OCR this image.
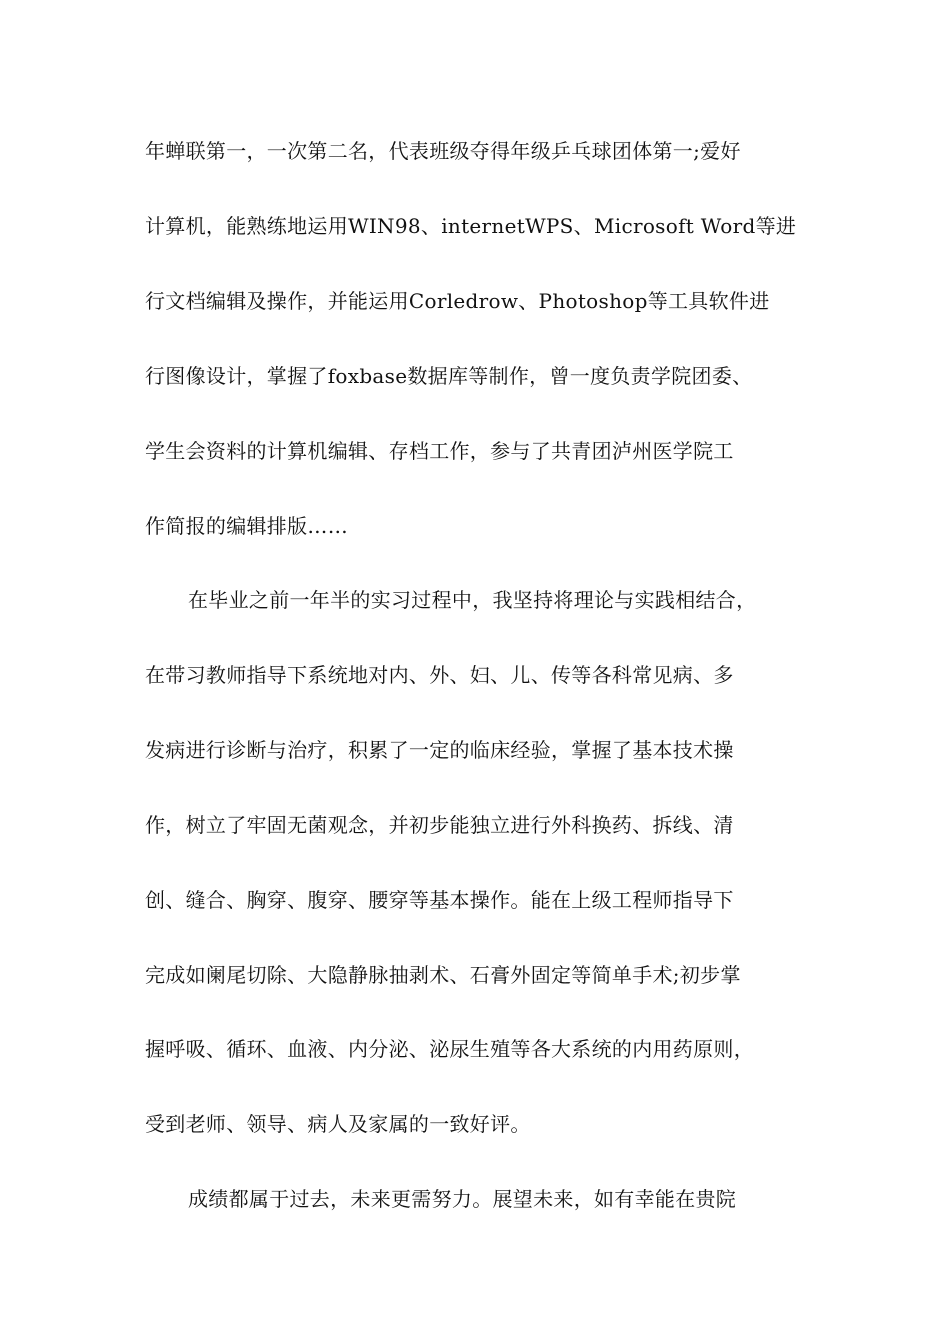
年蝉联第一，一次第二名，代表班级夺得年级乒乓球团体第一;爱好
计算机，能熟练地运用WIN98、internetWPS、Microsoft Word等进
行文档编辑及操作，并能运用Corledrow、Photoshop等工具软件进
行图像设计，掌握了foxbase数据库等制作，曾一度负责学院团委、
学生会资料的计算机编辑、存档工作，参与了共青团泸州医学院工
作简报的编辑排版……
在毕业之前一年半的实习过程中，我坚持将理论与实践相结合，
在带习教师指导下系统地对内、外、妇、儿、传等各科常见病、多
发病进行诊断与治疗，积累了一定的临床经验，掌握了基本技术操
作，树立了牢固无菌观念，并初步能独立进行外科换药、拆线、清
创、缝合、胸穿、腹穿、腰穿等基本操作。能在上级工程师指导下
完成如阑尾切除、大隐静脉抽剥术、石膏外固定等简单手术;初步掌
握呼吸、循环、血液、内分泌、泌尿生殖等各大系统的内用药原则，
受到老师、领导、病人及家属的一致好评。
成绩都属于过去，未来更需努力。展望未来，如有幸能在贵院
